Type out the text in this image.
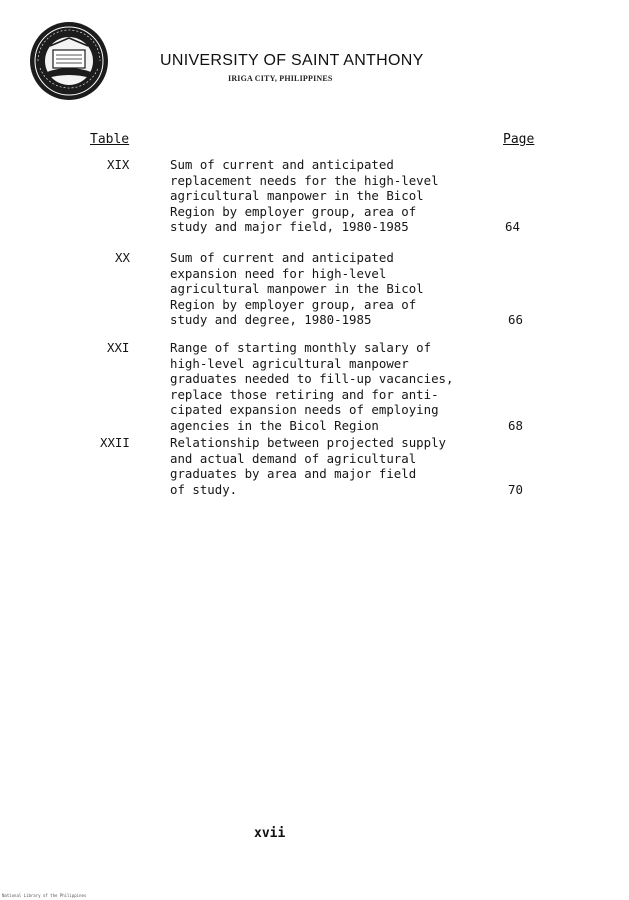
UNIVERSITY OF SAINT ANTHONY
IRIGA CITY, PHILIPPINES
Table	Page
XIX	Sum of current and anticipated
replacement needs for the high-level
agricultural manpower in the Bicol
Region by employer group, area of
study and major field, 1980-1985	64
XX	Sum of current and anticipated
expansion need for high-level
agricultural manpower in the Bicol
Region by employer group, area of
study and degree, 1980-1985	66
XXI	Range of starting monthly salary of
high-level agricultural manpower
graduates needed to fill-up vacancies,
replace those retiring and for anti-
cipated expansion needs of employing
agencies in the Bicol Region	68
XXII	Relationship between projected supply
and actual demand of agricultural
graduates by area and major field
of study.	70
xvii
National Library of the Philippines
